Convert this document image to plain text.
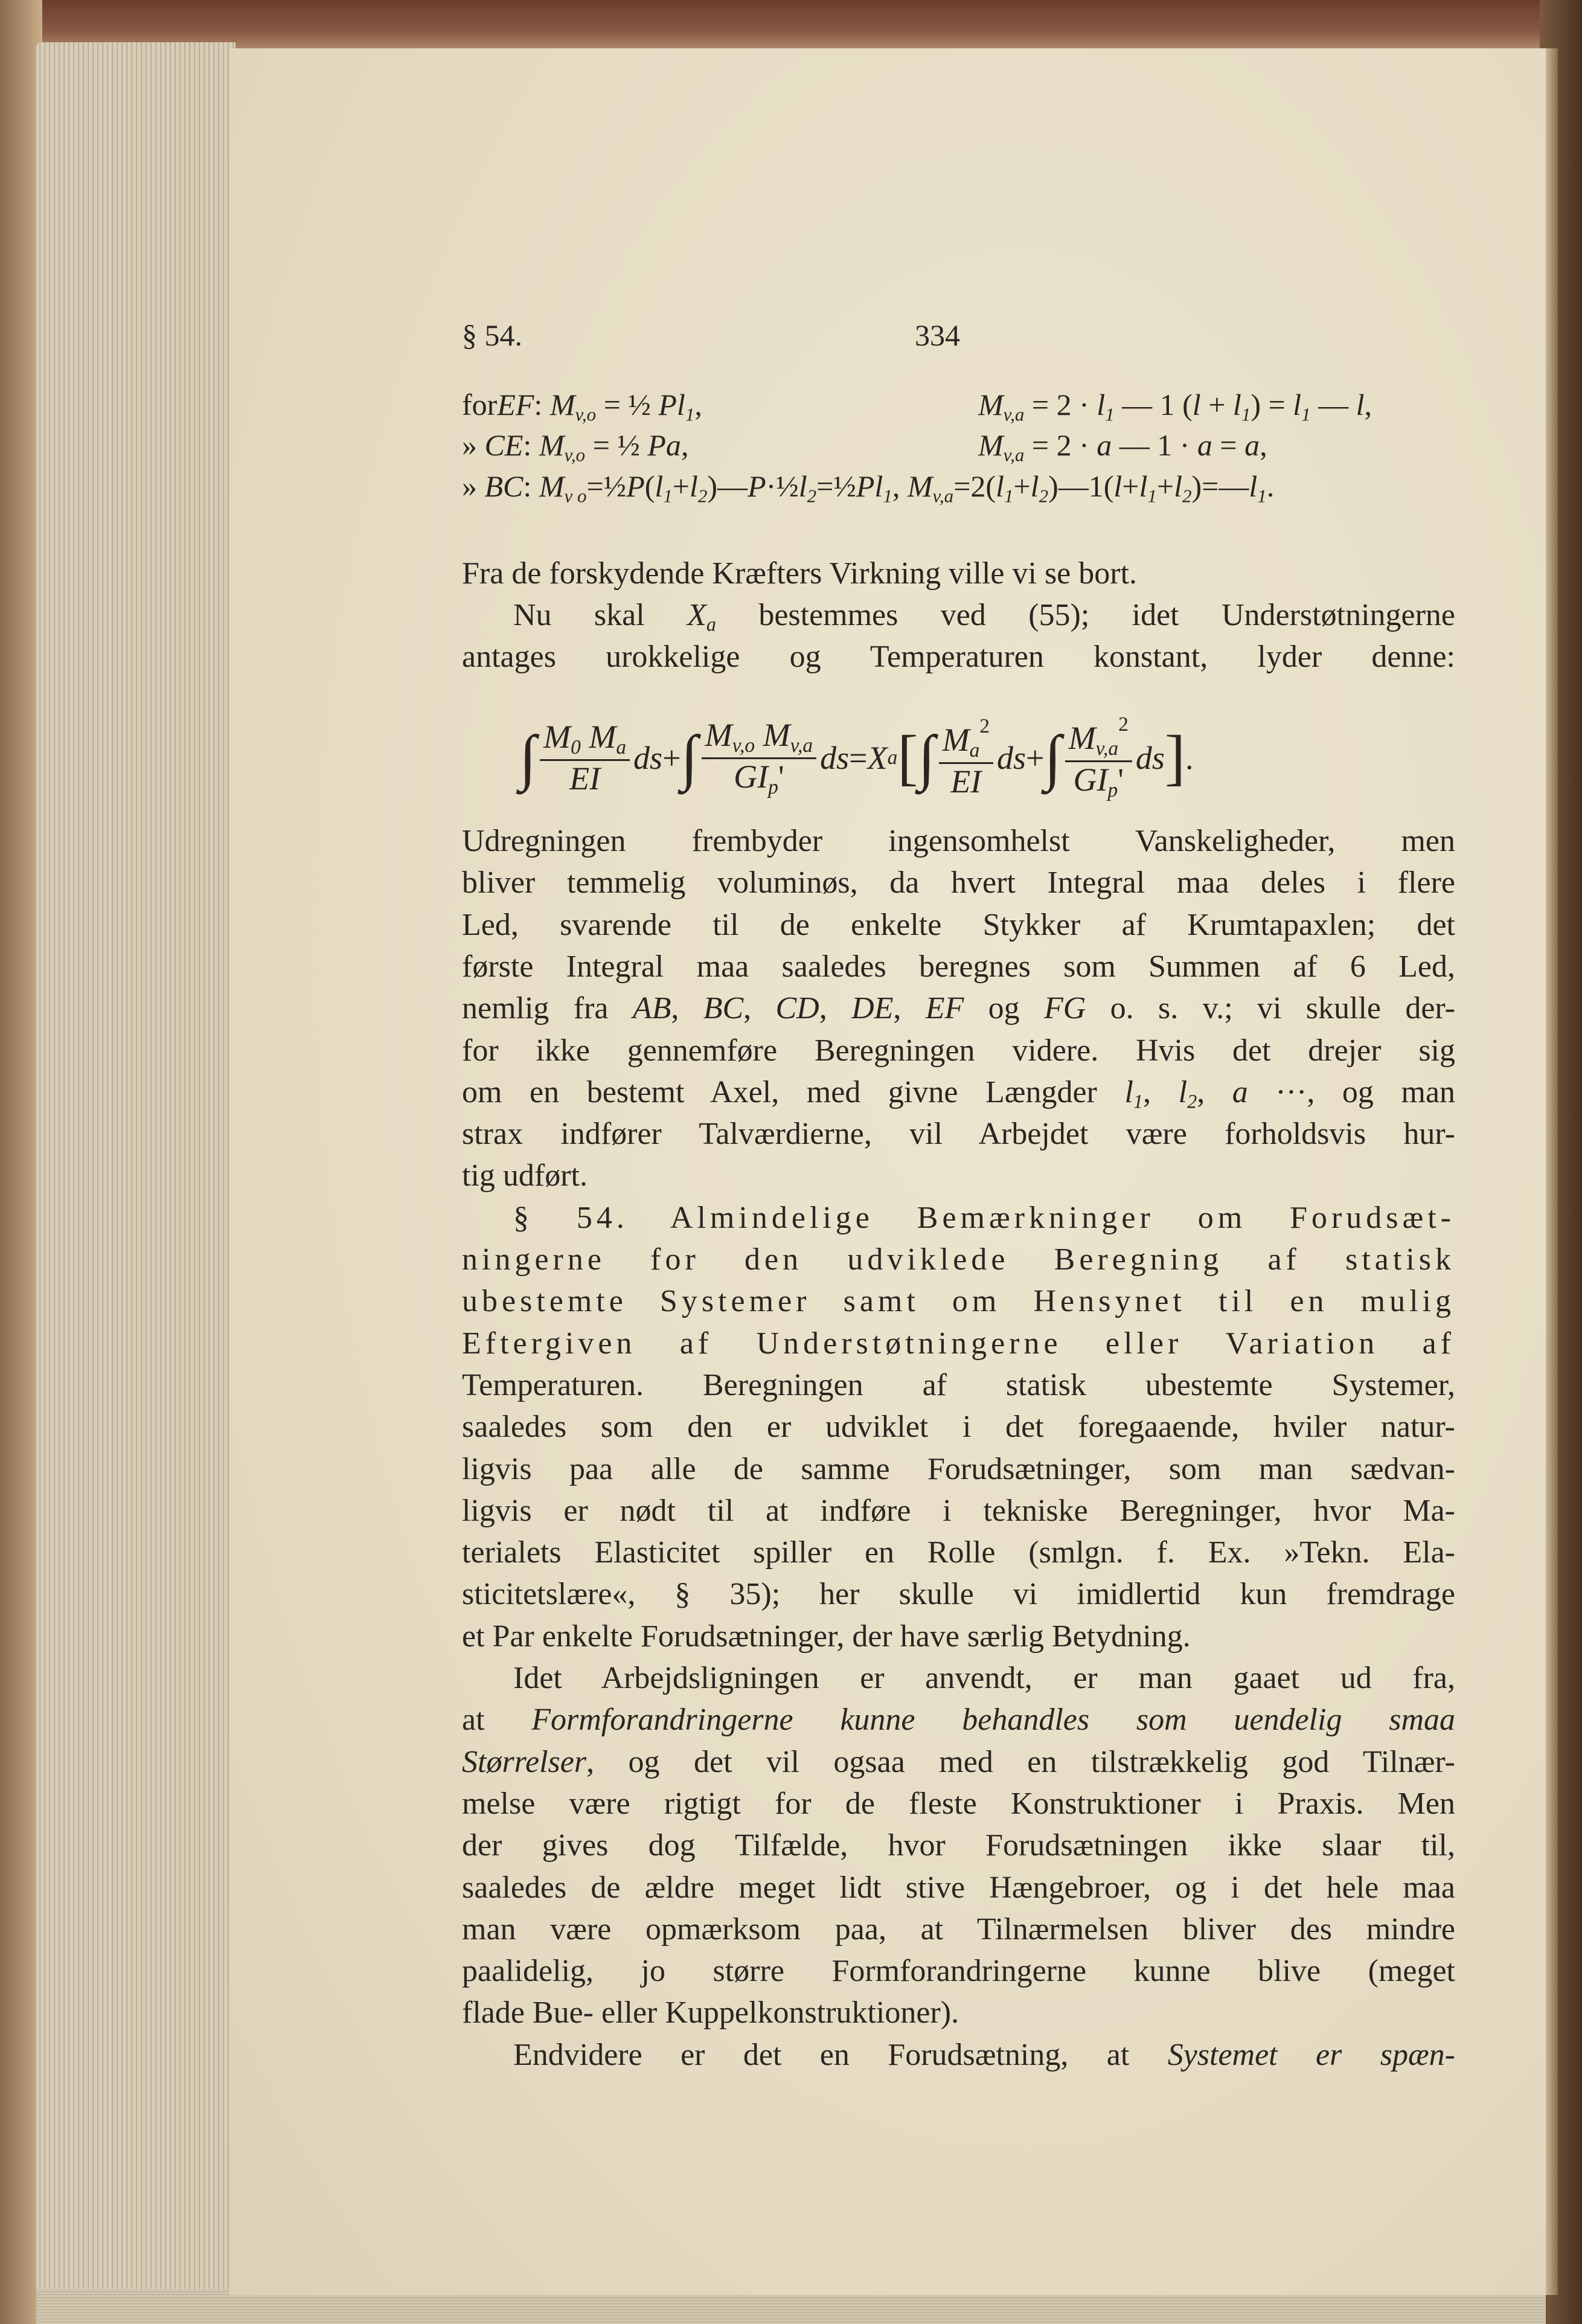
§ 54.	334
forEF: $M_{v,o}$ = ½ $Pl_1$,	$M_{v,a} = 2 \cdot l_1$ — 1 $(l + l_1) = l_1$ — l,
» CE: $M_{v,o}$ = ½ Pa,	$M_{v,a} = 2 \cdot a$ — 1 · a = a,
» BC: $M_{v o}=\frac{1}{2}P(l_1+l_2)—P\cdot\frac{1}{2}l_2=\frac{1}{2}Pl_1$, $M_{v,a}=2(l_1+l_2)—1(l+l_1+l_2)=—l_1$.
∫ $\frac{M_0 M_a}{EI}$ ds + ∫ $\frac{M_{v,o} M_{v,a}}{GI_p'}$ ds = X a [ ∫ $\frac{M_a^2}{EI}$ ds + ∫ $\frac{M_{v,a}^2}{GI_p'}$ ds ] .
Fra de forskydende Kræfters Virkning ville vi se bort.
Nu skal $X_a$ bestemmes ved (55); idet Understøtningerne
antages urokkelige og Temperaturen konstant, lyder denne:
Udregningen frembyder ingensomhelst Vanskeligheder, men
bliver temmelig voluminøs, da hvert Integral maa deles i flere
Led, svarende til de enkelte Stykker af Krumtapaxlen; det
første Integral maa saaledes beregnes som Summen af 6 Led,
nemlig fra AB, BC, CD, DE, EF og FG o. s. v.; vi skulle der-
for ikke gennemføre Beregningen videre. Hvis det drejer sig
om en bestemt Axel, med givne Længder $l_1$, $l_2$, a ···, og man
strax indfører Talværdierne, vil Arbejdet være forholdsvis hur-
tig udført.
§ 54. Almindelige Bemærkninger om Forudsæt-
ningerne for den udviklede Beregning af statisk
ubestemte Systemer samt om Hensynet til en mulig
Eftergiven af Understøtningerne eller Variation af
Temperaturen. Beregningen af statisk ubestemte Systemer,
saaledes som den er udviklet i det foregaaende, hviler natur-
ligvis paa alle de samme Forudsætninger, som man sædvan-
ligvis er nødt til at indføre i tekniske Beregninger, hvor Ma-
terialets Elasticitet spiller en Rolle (smlgn. f. Ex. »Tekn. Ela-
sticitetslære«, § 35); her skulle vi imidlertid kun fremdrage
et Par enkelte Forudsætninger, der have særlig Betydning.
Idet Arbejdsligningen er anvendt, er man gaaet ud fra,
at Formforandringerne kunne behandles som uendelig smaa
Størrelser, og det vil ogsaa med en tilstrækkelig god Tilnær-
melse være rigtigt for de fleste Konstruktioner i Praxis. Men
der gives dog Tilfælde, hvor Forudsætningen ikke slaar til,
saaledes de ældre meget lidt stive Hængebroer, og i det hele maa
man være opmærksom paa, at Tilnærmelsen bliver des mindre
paalidelig, jo større Formforandringerne kunne blive (meget
flade Bue- eller Kuppelkonstruktioner).
Endvidere er det en Forudsætning, at Systemet er spæn-
